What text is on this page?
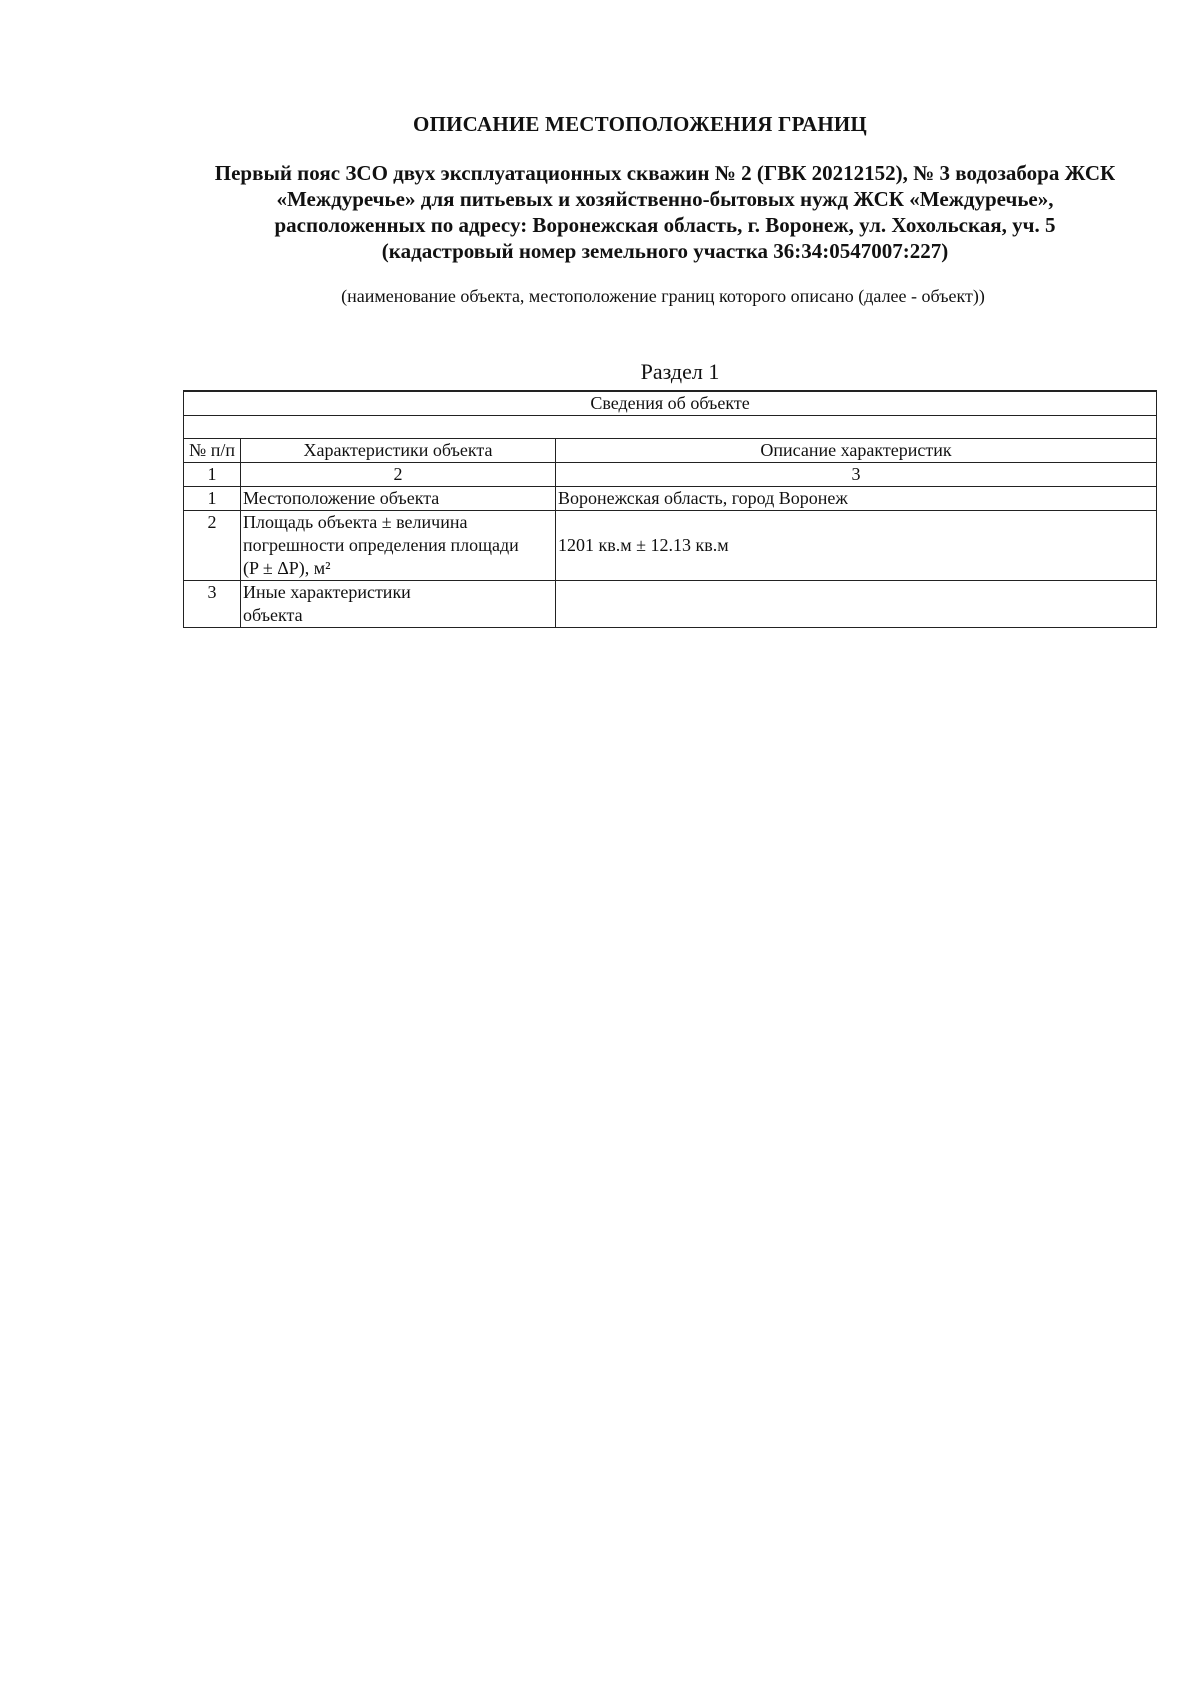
ОПИСАНИЕ МЕСТОПОЛОЖЕНИЯ ГРАНИЦ
Первый пояс ЗСО двух эксплуатационных скважин № 2 (ГВК 20212152), № 3 водозабора ЖСК
«Междуречье» для питьевых и хозяйственно-бытовых нужд ЖСК «Междуречье»,
расположенных по адресу: Воронежская область, г. Воронеж, ул. Хохольская, уч. 5
(кадастровый номер земельного участка 36:34:0547007:227)
(наименование объекта, местоположение границ которого описано (далее - объект))
Раздел 1
Сведения об объекте		

№ п/п	Характеристики объекта	Описание характеристик
1	2	3
1	Местоположение объекта	Воронежская область, город Воронеж
2	Площадь объекта ± величина
погрешности определения площади
(P ± ΔP), м²	1201 кв.м ± 12.13 кв.м
3	Иные характеристики
объекта	
